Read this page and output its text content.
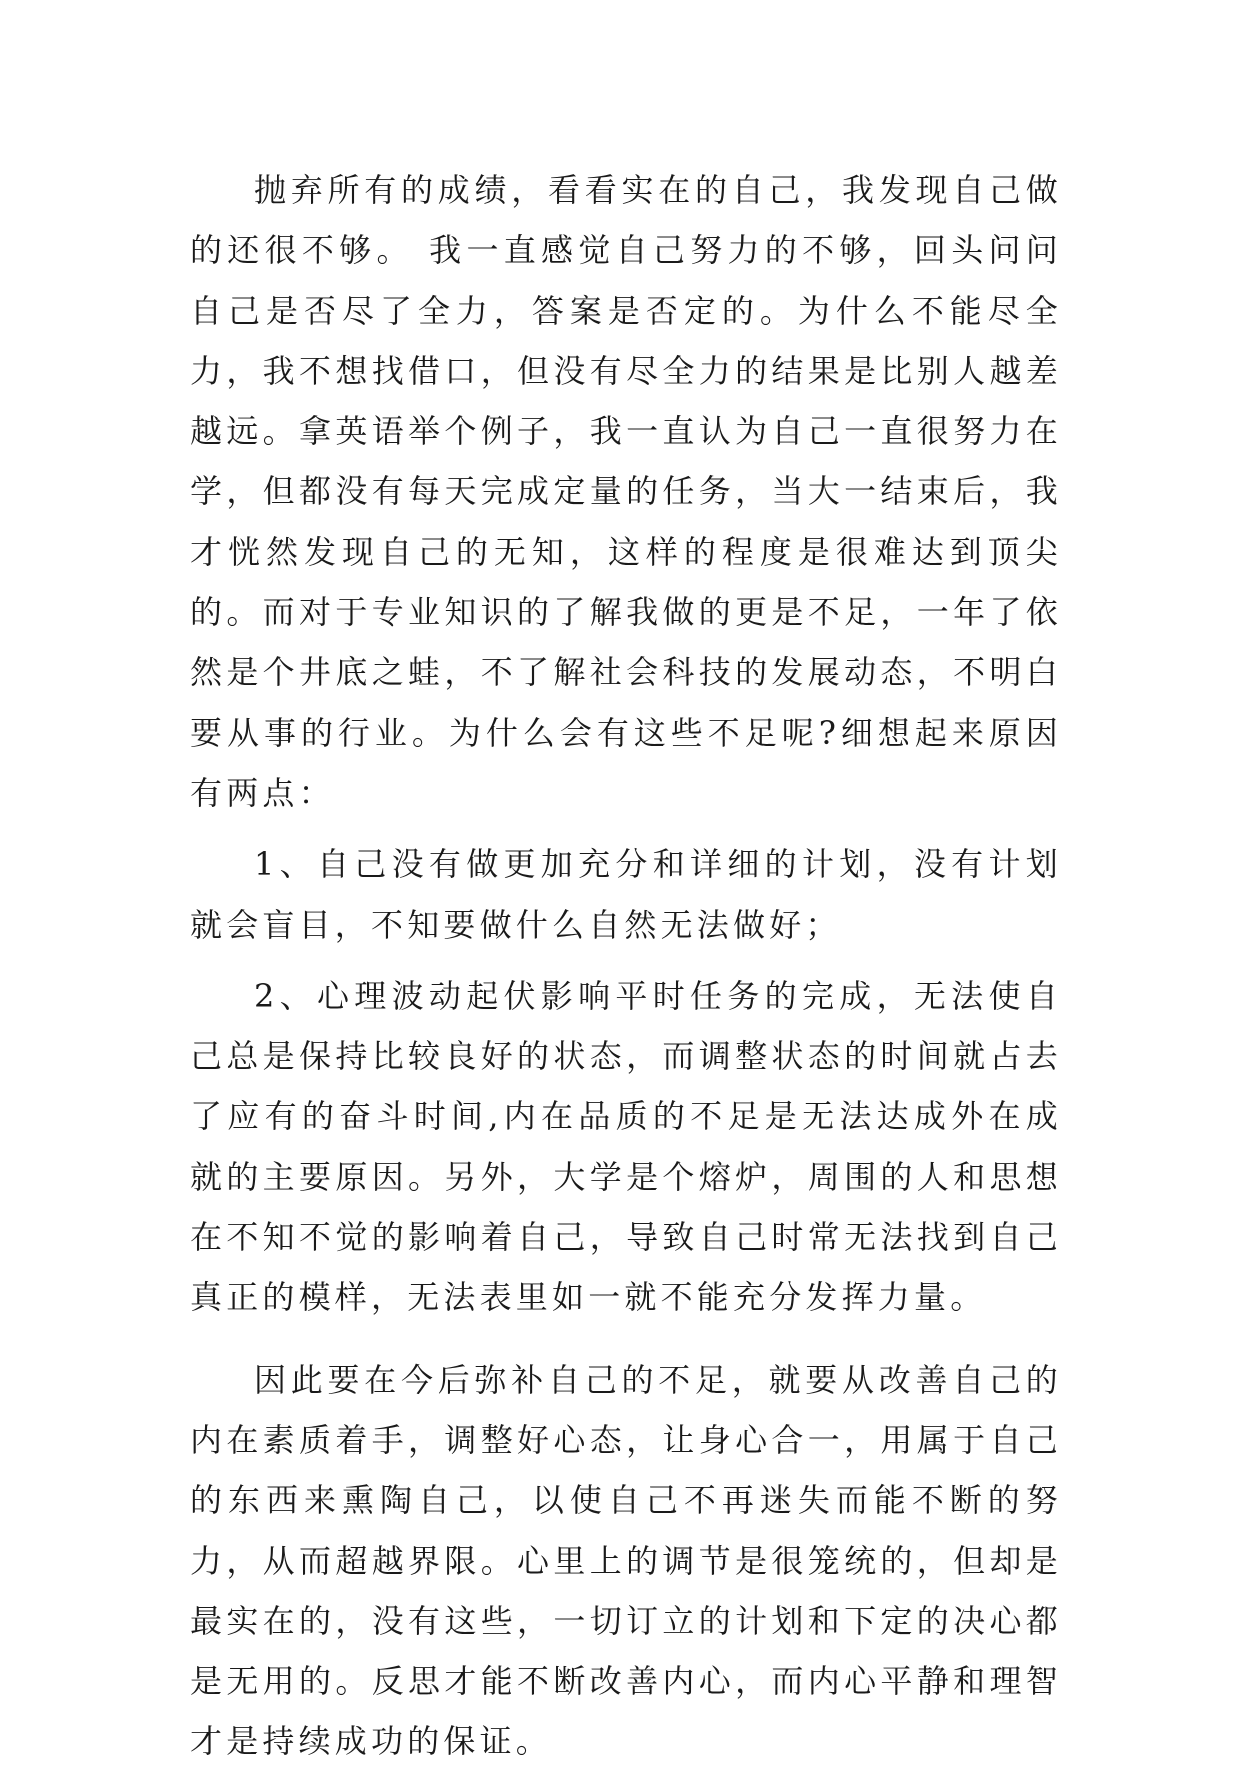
抛弃所有的成绩，看看实在的自己，我发现自己做的还很不够。 我一直感觉自己努力的不够，回头问问自己是否尽了全力，答案是否定的。为什么不能尽全力，我不想找借口，但没有尽全力的结果是比别人越差越远。拿英语举个例子，我一直认为自己一直很努力在学，但都没有每天完成定量的任务，当大一结束后，我才恍然发现自己的无知，这样的程度是很难达到顶尖的。而对于专业知识的了解我做的更是不足，一年了依然是个井底之蛙，不了解社会科技的发展动态，不明白要从事的行业。为什么会有这些不足呢?细想起来原因有两点：

1、自己没有做更加充分和详细的计划，没有计划就会盲目，不知要做什么自然无法做好；

2、心理波动起伏影响平时任务的完成，无法使自己总是保持比较良好的状态，而调整状态的时间就占去了应有的奋斗时间,内在品质的不足是无法达成外在成就的主要原因。另外，大学是个熔炉，周围的人和思想在不知不觉的影响着自己，导致自己时常无法找到自己真正的模样，无法表里如一就不能充分发挥力量。

因此要在今后弥补自己的不足，就要从改善自己的内在素质着手，调整好心态，让身心合一，用属于自己的东西来熏陶自己，以使自己不再迷失而能不断的努力，从而超越界限。心里上的调节是很笼统的，但却是最实在的，没有这些，一切订立的计划和下定的决心都是无用的。反思才能不断改善内心，而内心平静和理智才是持续成功的保证。
